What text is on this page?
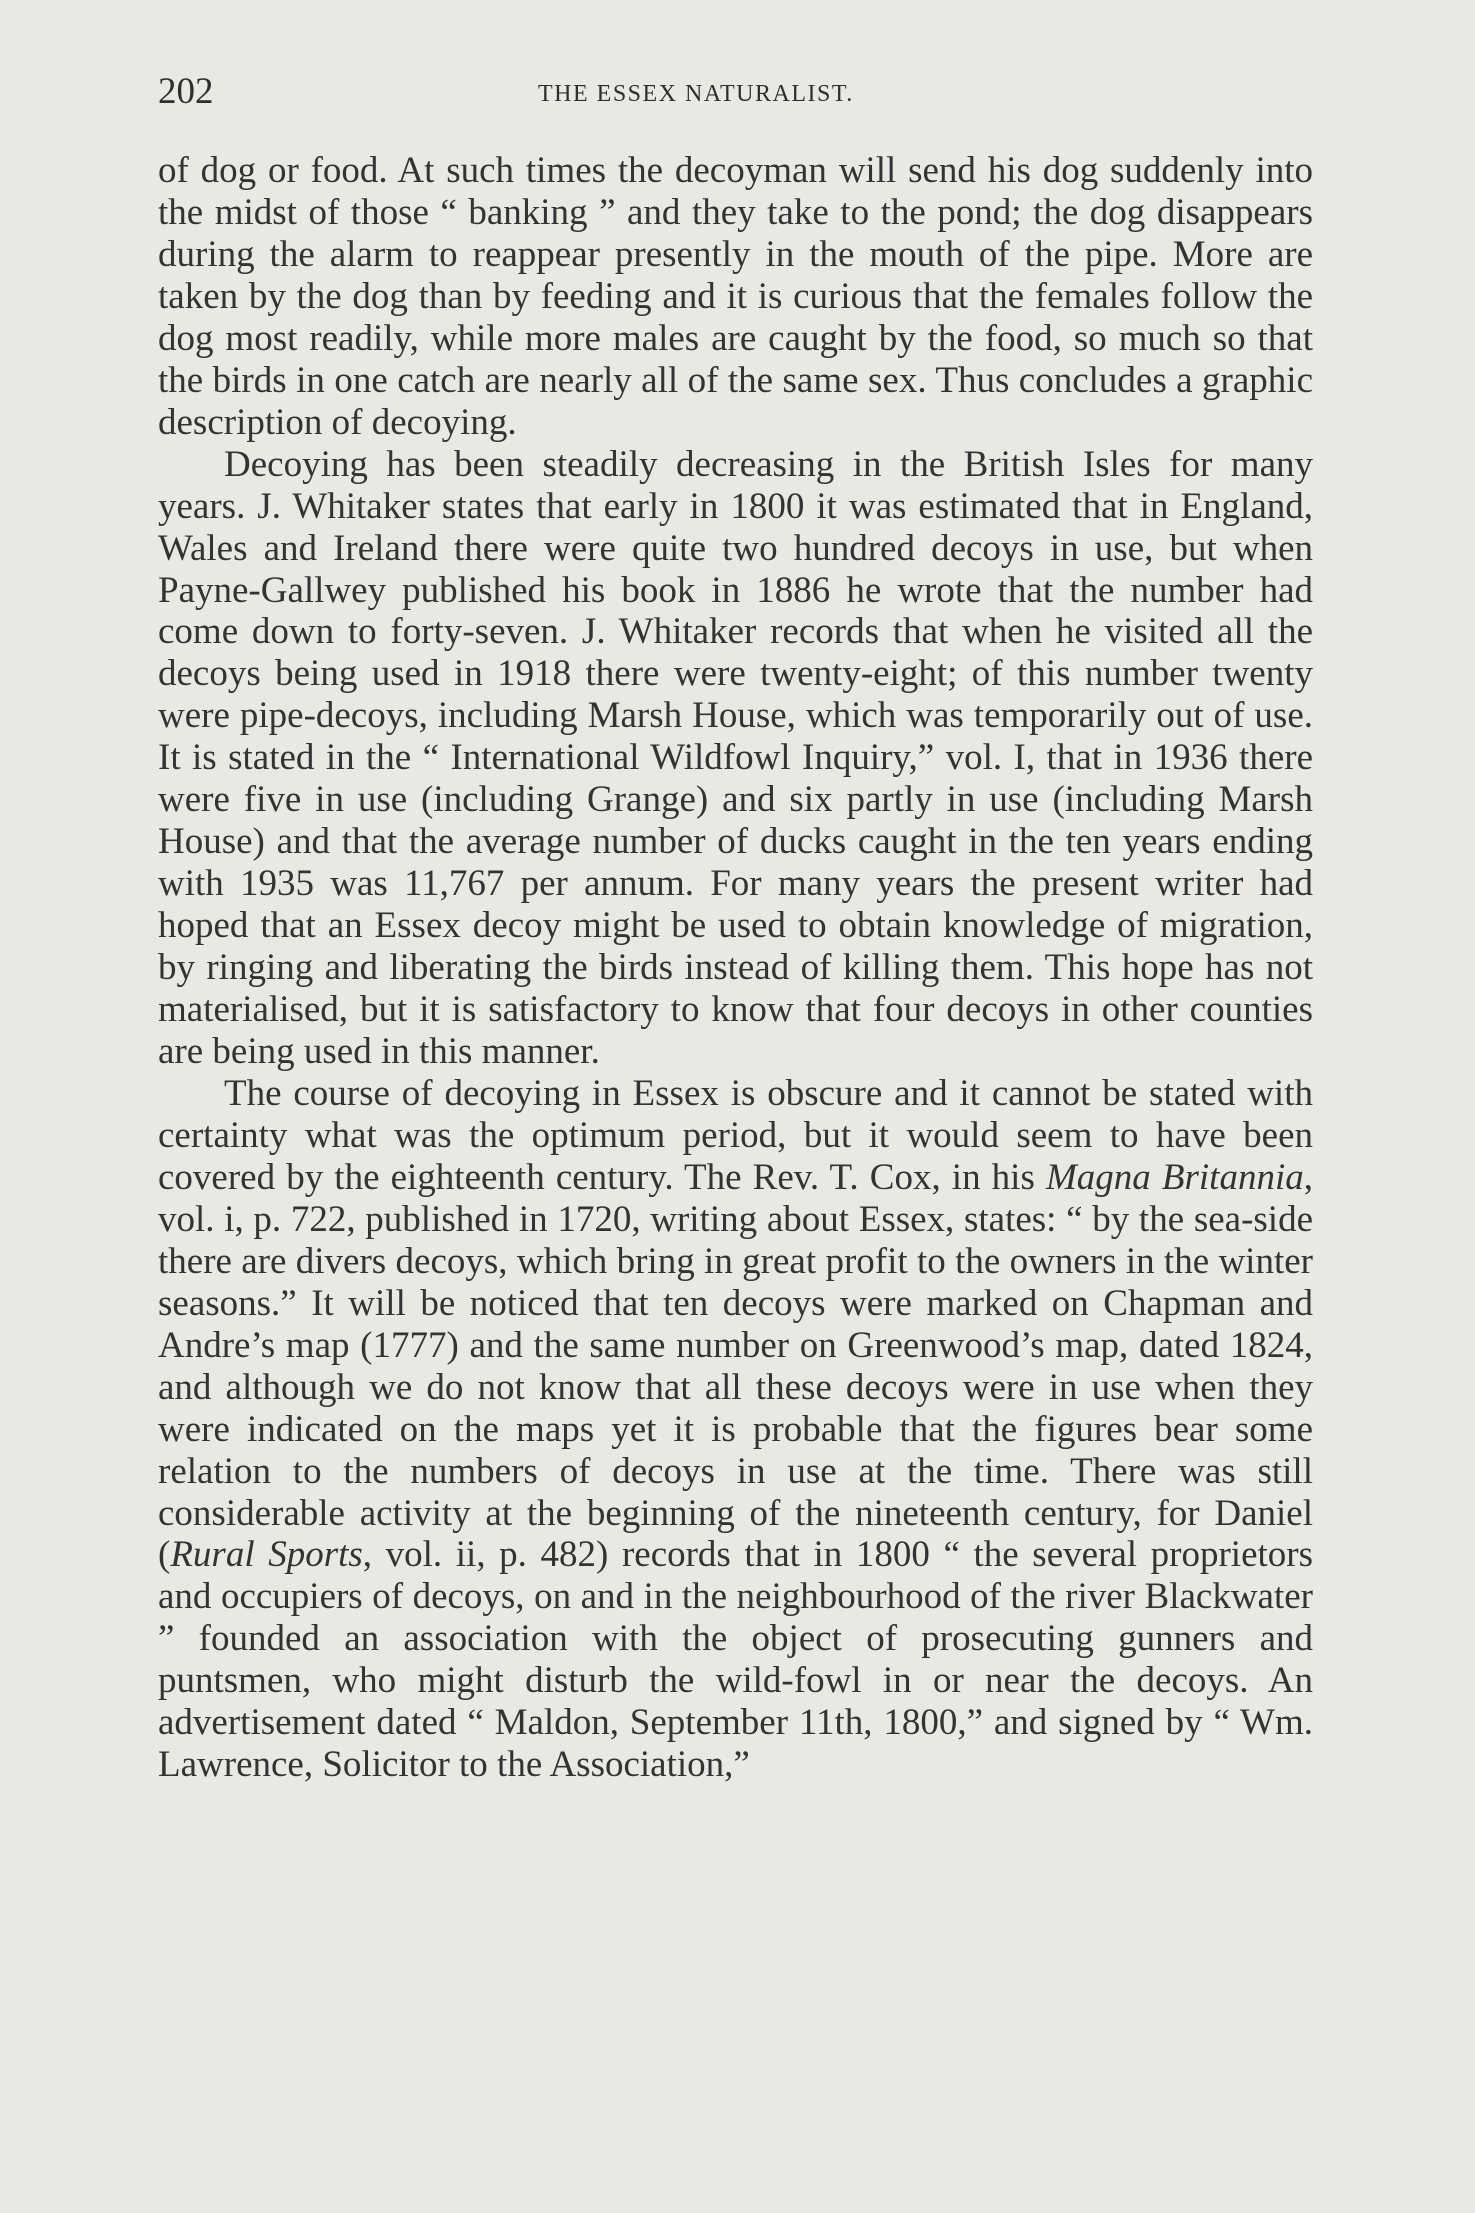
202	THE ESSEX NATURALIST.

of dog or food. At such times the decoyman will send his dog suddenly into the midst of those “ banking ” and they take to the pond; the dog disappears during the alarm to reappear presently in the mouth of the pipe. More are taken by the dog than by feeding and it is curious that the females follow the dog most readily, while more males are caught by the food, so much so that the birds in one catch are nearly all of the same sex. Thus concludes a graphic description of decoying.

Decoying has been steadily decreasing in the British Isles for many years. J. Whitaker states that early in 1800 it was estimated that in England, Wales and Ireland there were quite two hundred decoys in use, but when Payne-Gallwey published his book in 1886 he wrote that the number had come down to forty-seven. J. Whitaker records that when he visited all the decoys being used in 1918 there were twenty-eight; of this number twenty were pipe-decoys, including Marsh House, which was temporarily out of use. It is stated in the “ International Wildfowl Inquiry,” vol. I, that in 1936 there were five in use (including Grange) and six partly in use (including Marsh House) and that the average number of ducks caught in the ten years ending with 1935 was 11,767 per annum. For many years the present writer had hoped that an Essex decoy might be used to obtain knowledge of migration, by ringing and liberating the birds instead of killing them. This hope has not materialised, but it is satisfactory to know that four decoys in other counties are being used in this manner.

The course of decoying in Essex is obscure and it cannot be stated with certainty what was the optimum period, but it would seem to have been covered by the eighteenth century. The Rev. T. Cox, in his Magna Britannia, vol. i, p. 722, published in 1720, writing about Essex, states: “ by the sea-side there are divers decoys, which bring in great profit to the owners in the winter seasons.” It will be noticed that ten decoys were marked on Chapman and Andre’s map (1777) and the same number on Greenwood’s map, dated 1824, and although we do not know that all these decoys were in use when they were indicated on the maps yet it is probable that the figures bear some relation to the numbers of decoys in use at the time. There was still considerable activity at the beginning of the nineteenth century, for Daniel (Rural Sports, vol. ii, p. 482) records that in 1800 “ the several proprietors and occupiers of decoys, on and in the neighbourhood of the river Blackwater ” founded an association with the object of prosecuting gunners and puntsmen, who might disturb the wild-fowl in or near the decoys. An advertisement dated “ Maldon, September 11th, 1800,” and signed by “ Wm. Lawrence, Solicitor to the Association,”
